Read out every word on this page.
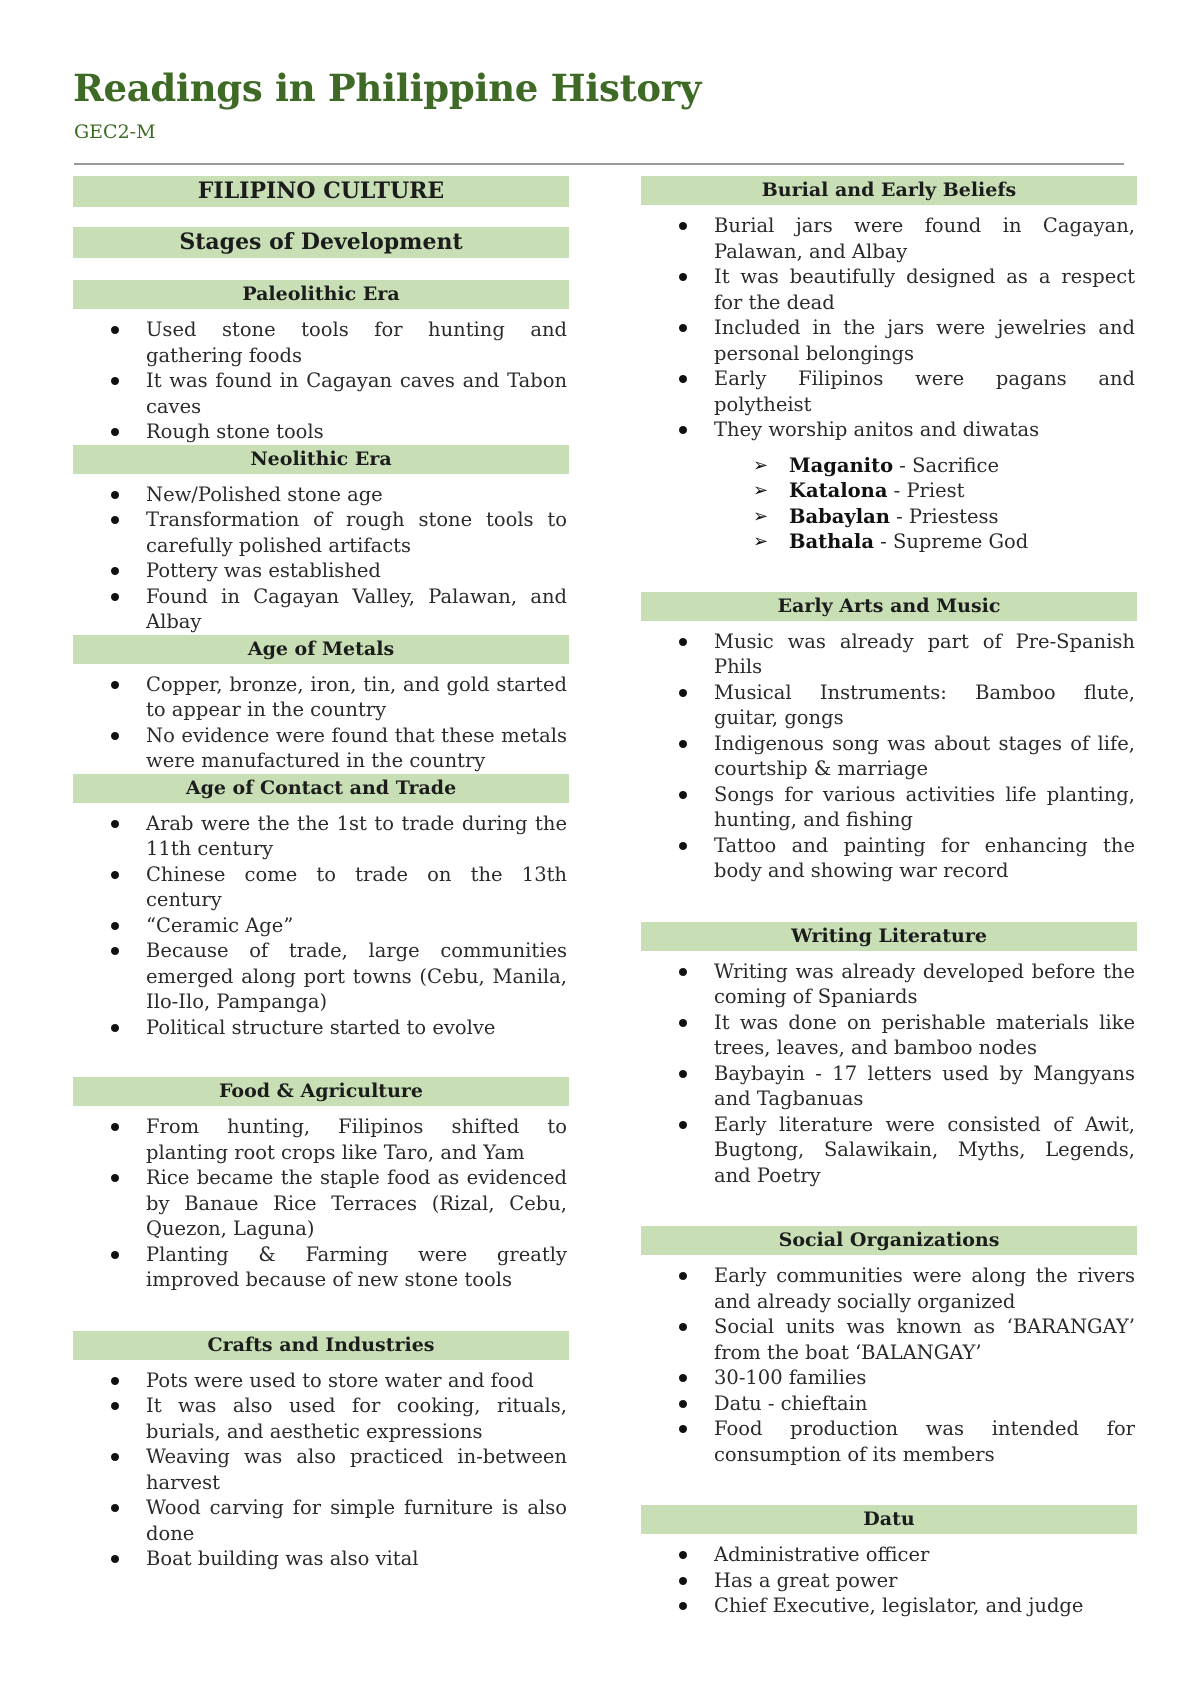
Readings in Philippine History
GEC2-M
FILIPINO CULTURE
Stages of Development
Paleolithic Era
Used stone tools for hunting and gathering foods
It was found in Cagayan caves and Tabon caves
Rough stone tools
Neolithic Era
New/Polished stone age
Transformation of rough stone tools to carefully polished artifacts
Pottery was established
Found in Cagayan Valley, Palawan, and Albay
Age of Metals
Copper, bronze, iron, tin, and gold started to appear in the country
No evidence were found that these metals were manufactured in the country
Age of Contact and Trade
Arab were the the 1st to trade during the 11th century
Chinese come to trade on the 13th century
“Ceramic Age”
Because of trade, large communities emerged along port towns (Cebu, Manila, Ilo-Ilo, Pampanga)
Political structure started to evolve
Food & Agriculture
From hunting, Filipinos shifted to planting root crops like Taro, and Yam
Rice became the staple food as evidenced by Banaue Rice Terraces (Rizal, Cebu, Quezon, Laguna)
Planting & Farming were greatly improved because of new stone tools
Crafts and Industries
Pots were used to store water and food
It was also used for cooking, rituals, burials, and aesthetic expressions
Weaving was also practiced in-between harvest
Wood carving for simple furniture is also done
Boat building was also vital
Burial and Early Beliefs
Burial jars were found in Cagayan, Palawan, and Albay
It was beautifully designed as a respect for the dead
Included in the jars were jewelries and personal belongings
Early Filipinos were pagans and polytheist
They worship anitos and diwatas
➢ Maganito - Sacrifice
➢ Katalona - Priest
➢ Babaylan - Priestess
➢ Bathala - Supreme God
Early Arts and Music
Music was already part of Pre-Spanish Phils
Musical Instruments: Bamboo flute, guitar, gongs
Indigenous song was about stages of life, courtship & marriage
Songs for various activities life planting, hunting, and fishing
Tattoo and painting for enhancing the body and showing war record
Writing Literature
Writing was already developed before the coming of Spaniards
It was done on perishable materials like trees, leaves, and bamboo nodes
Baybayin - 17 letters used by Mangyans and Tagbanuas
Early literature were consisted of Awit, Bugtong, Salawikain, Myths, Legends, and Poetry
Social Organizations
Early communities were along the rivers and already socially organized
Social units was known as ‘BARANGAY’ from the boat ‘BALANGAY’
30-100 families
Datu - chieftain
Food production was intended for consumption of its members
Datu
Administrative officer
Has a great power
Chief Executive, legislator, and judge
